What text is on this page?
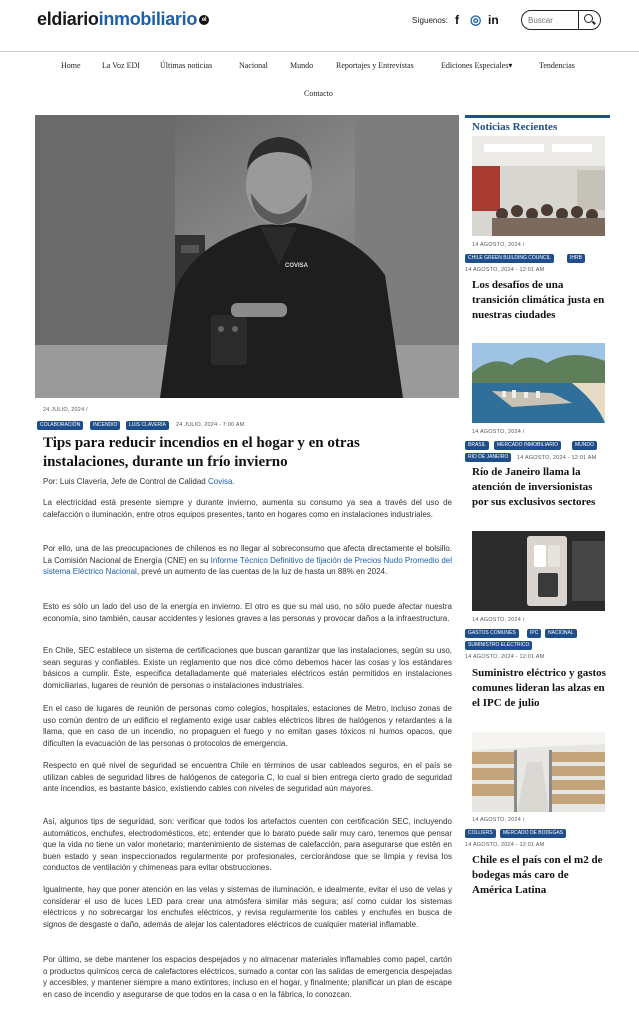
eldiarioinmobiliario el	Síguenos: f ◎ in
Buscar
Home	La Voz EDI	Últimas noticias	Nacional	Mundo	Reportajes y Entrevistas	Ediciones Especiales▾	Tendencias
Contacto
COVISA
24 JULIO, 2024 /
COLABORACIÓN	INCENDIO	LUIS CLAVERÍA	24 JULIO, 2024 - 7:00 AM
Tips para reducir incendios en el hogar y en otras instalaciones, durante un frío invierno
Por: Luis Clavería, Jefe de Control de Calidad Covisa.
La electricidad está presente siempre y durante invierno, aumenta su consumo ya sea a través del uso de calefacción o iluminación, entre otros equipos presentes, tanto en hogares como en instalaciones industriales.
Por ello, una de las preocupaciones de chilenos es no llegar al sobreconsumo que afecta directamente el bolsillo. La Comisión Nacional de Energía (CNE) en su Informe Técnico Definitivo de fijación de Precios Nudo Promedio del sistema Eléctrico Nacional, prevé un aumento de las cuentas de la luz de hasta un 88% en 2024.
Esto es sólo un lado del uso de la energía en invierno. El otro es que su mal uso, no sólo puede afectar nuestra economía, sino también, causar accidentes y lesiones graves a las personas y provocar daños a la infraestructura.
En Chile, SEC establece un sistema de certificaciones que buscan garantizar que las instalaciones, según su uso, sean seguras y confiables. Existe un reglamento que nos dice cómo debemos hacer las cosas y los estándares básicos a cumplir. Éste, especifica detalladamente qué materiales eléctricos están permitidos en instalaciones domiciliarias, lugares de reunión de personas o instalaciones industriales.
En el caso de lugares de reunión de personas como colegios, hospitales, estaciones de Metro, incluso zonas de uso común dentro de un edificio el reglamento exige usar cables eléctricos libres de halógenos y retardantes a la llama, que en caso de un incendio, no propaguen el fuego y no emitan gases tóxicos ni humos opacos, que dificulten la evacuación de las personas o protocolos de emergencia.
Respecto en qué nivel de seguridad se encuentra Chile en términos de usar cableados seguros, en el país se utilizan cables de seguridad libres de halógenos de categoría C, lo cual si bien entrega cierto grado de seguridad ante incendios, es bastante básico, existiendo cables con niveles de seguridad aún mayores.
Así, algunos tips de seguridad, son: verificar que todos los artefactos cuenten con certificación SEC, incluyendo automáticos, enchufes, electrodomésticos, etc; entender que lo barato puede salir muy caro, tenemos que pensar que la vida no tiene un valor monetario; mantenimiento de sistemas de calefacción, para asegurarse que estén en buen estado y sean inspeccionados regularmente por profesionales, cerciorándose que se limpia y revisa los conductos de ventilación y chimeneas para evitar obstrucciones.
Igualmente, hay que poner atención en las velas y sistemas de iluminación, e idealmente, evitar el uso de velas y considerar el uso de luces LED para crear una atmósfera similar más segura; así como cuidar los sistemas eléctricos y no sobrecargar los enchufes eléctricos, y revisa regularmente los cables y enchufes en busca de signos de desgaste o daño, además de alejar los calentadores eléctricos de cualquier material inflamable.
Por último, se debe mantener los espacios despejados y no almacenar materiales inflamables como papel, cartón o productos químicos cerca de calefactores eléctricos, sumado a contar con las salidas de emergencia despejadas y accesibles, y mantener siempre a mano extintores, incluso en el hogar, y finalmente; planificar un plan de escape en caso de incendio y asegurarse de que todos en la casa o en la fábrica, lo conozcan.
Noticias Recientes
14 AGOSTO, 2024 /
CHILE GREEN BUILDING COUNCIL	IHRB
14 AGOSTO, 2024 - 12:01 AM
Los desafíos de una transición climática justa en nuestras ciudades
14 AGOSTO, 2024 /
BRASIL	MERCADO INMOBILIARIO	MUNDO
RÍO DE JANEIRO	14 AGOSTO, 2024 - 12:01 AM
Río de Janeiro llama la atención de inversionistas por sus exclusivos sectores
14 AGOSTO, 2024 /
GASTOS COMUNES	IPC	NACIONAL
SUMINISTRO ELÉCTRICO
14 AGOSTO, 2024 - 12:01 AM
Suministro eléctrico y gastos comunes lideran las alzas en el IPC de julio
14 AGOSTO, 2024 /
COLLIERS	MERCADO DE BODEGAS
14 AGOSTO, 2024 - 12:01 AM
Chile es el país con el m2 de bodegas más caro de América Latina
